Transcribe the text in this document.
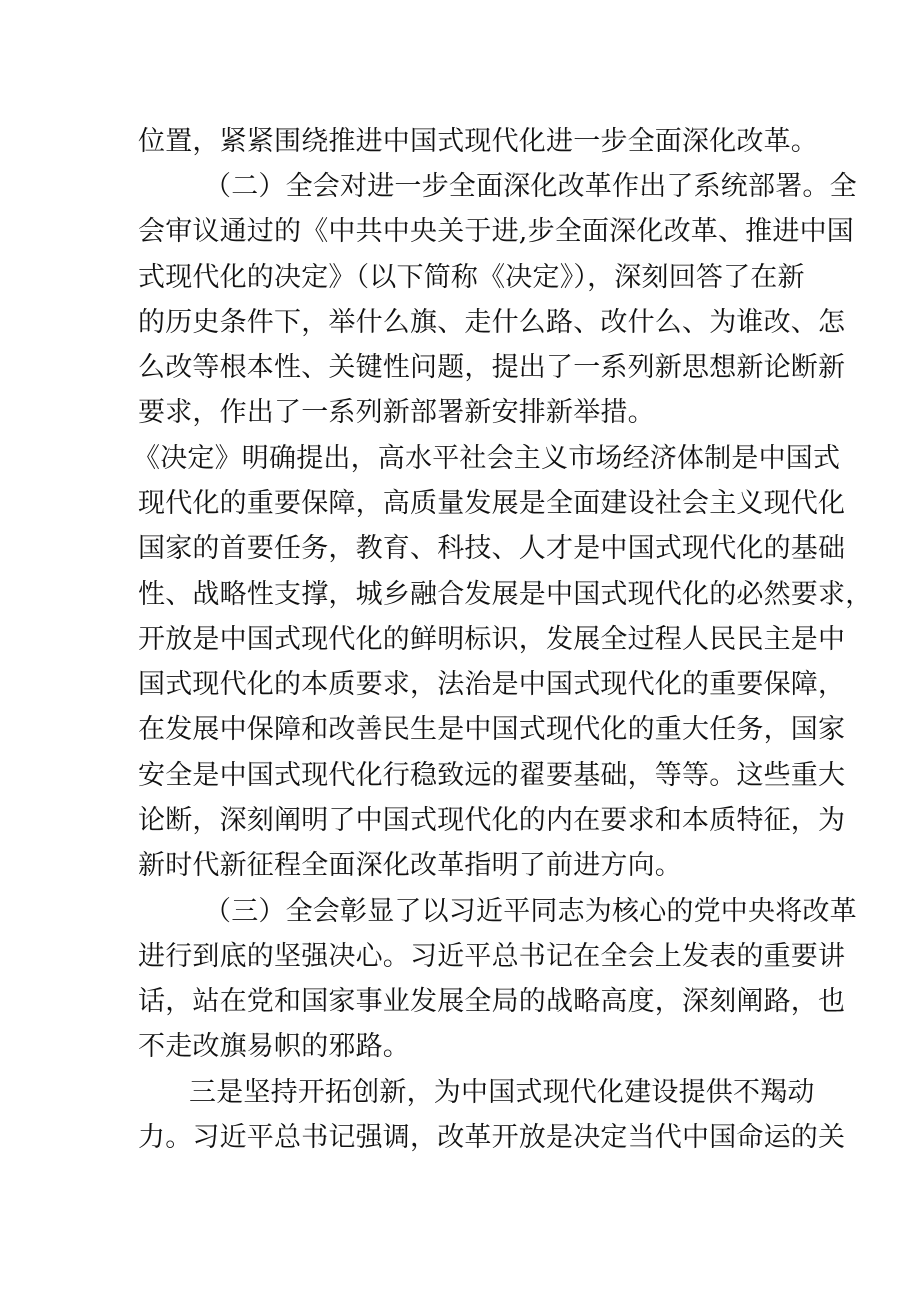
位置，紧紧围绕推进中国式现代化进一步全面深化改革。
（二）全会对进一步全面深化改革作出了系统部署。全
会审议通过的《中共中央关于进,步全面深化改革、推进中国
式现代化的决定》（以下简称《决定》），深刻回答了在新
的历史条件下，举什么旗、走什么路、改什么、为谁改、怎
么改等根本性、关键性问题，提出了一系列新思想新论断新
要求，作出了一系列新部署新安排新举措。
《决定》明确提出，高水平社会主义市场经济体制是中国式
现代化的重要保障，高质量发展是全面建设社会主义现代化
国家的首要任务，教育、科技、人才是中国式现代化的基础
性、战略性支撑，城乡融合发展是中国式现代化的必然要求，
开放是中国式现代化的鲜明标识，发展全过程人民民主是中
国式现代化的本质要求，法治是中国式现代化的重要保障，
在发展中保障和改善民生是中国式现代化的重大任务，国家
安全是中国式现代化行稳致远的翟要基础，等等。这些重大
论断，深刻阐明了中国式现代化的内在要求和本质特征，为
新时代新征程全面深化改革指明了前进方向。
（三）全会彰显了以习近平同志为核心的党中央将改革
进行到底的坚强决心。习近平总书记在全会上发表的重要讲
话，站在党和国家事业发展全局的战略高度，深刻阐路，也
不走改旗易帜的邪路。
三是坚持开拓创新，为中国式现代化建设提供不羯动
力。习近平总书记强调，改革开放是决定当代中国命运的关
